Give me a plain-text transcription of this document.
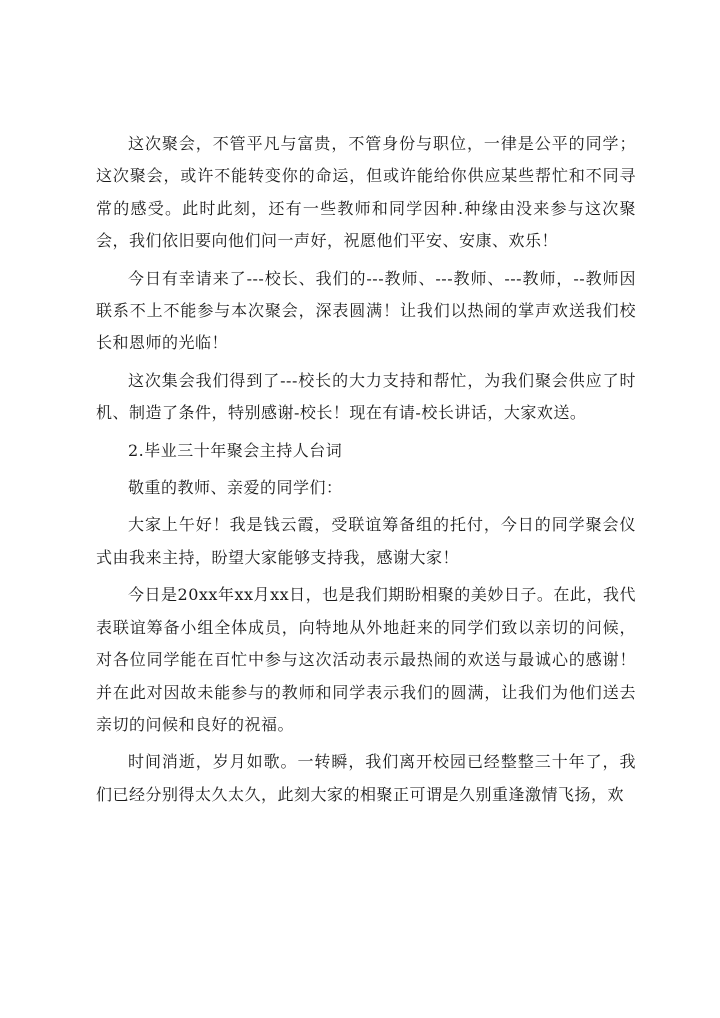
这次聚会，不管平凡与富贵，不管身份与职位，一律是公平的同学；这次聚会，或许不能转变你的命运，但或许能给你供应某些帮忙和不同寻常的感受。此时此刻，还有一些教师和同学因种.种缘由没来参与这次聚会，我们依旧要向他们问一声好，祝愿他们平安、安康、欢乐！

今日有幸请来了---校长、我们的---教师、---教师、---教师，--教师因联系不上不能参与本次聚会，深表圆满！让我们以热闹的掌声欢送我们校长和恩师的光临！

这次集会我们得到了---校长的大力支持和帮忙，为我们聚会供应了时机、制造了条件，特别感谢-校长！现在有请-校长讲话，大家欢送。

2.毕业三十年聚会主持人台词

敬重的教师、亲爱的同学们：

大家上午好！我是钱云霞，受联谊筹备组的托付，今日的同学聚会仪式由我来主持，盼望大家能够支持我，感谢大家！

今日是20xx年xx月xx日，也是我们期盼相聚的美妙日子。在此，我代表联谊筹备小组全体成员，向特地从外地赶来的同学们致以亲切的问候，对各位同学能在百忙中参与这次活动表示最热闹的欢送与最诚心的感谢！并在此对因故未能参与的教师和同学表示我们的圆满，让我们为他们送去亲切的问候和良好的祝福。

时间消逝，岁月如歌。一转瞬，我们离开校园已经整整三十年了，我们已经分别得太久太久，此刻大家的相聚正可谓是久别重逢激情飞扬，欢
